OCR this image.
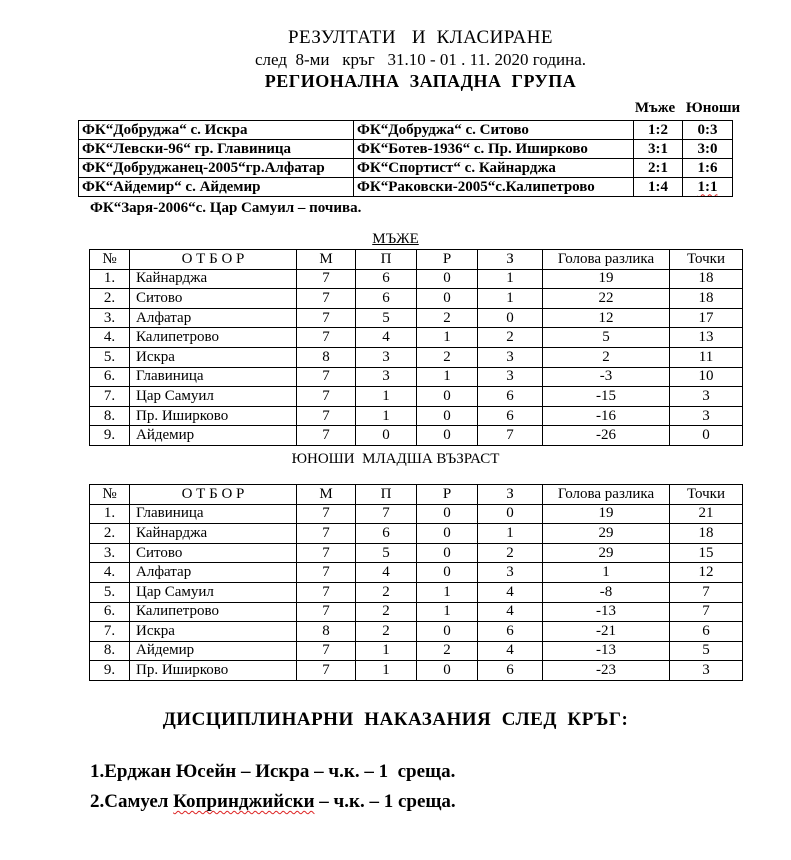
РЕЗУЛТАТИ   И  КЛАСИРАНЕ
след  8-ми   кръг   31.10 - 01 . 11. 2020 година.
РЕГИОНАЛНА  ЗАПАДНА  ГРУПА
Мъже Юноши
ФК“Добруджа“ с. Искра	ФК“Добруджа“ с. Ситово	1:2	0:3
ФК“Левски-96“ гр. Главиница	ФК“Ботев-1936“ с. Пр. Иширково	3:1	3:0
ФК“Добруджанец-2005“гр.Алфатар	ФК“Спортист“ с. Кайнарджа	2:1	1:6
ФК“Айдемир“ с. Айдемир	ФК“Раковски-2005“с.Калипетрово	1:4	1:1
ФК“Заря-2006“с. Цар Самуил – почива.
МЪЖЕ
№	О Т Б О Р	М	П	Р	З	Голова разлика	Точки
1.	Кайнарджа	7	6	0	1	19	18
2.	Ситово	7	6	0	1	22	18
3.	Алфатар	7	5	2	0	12	17
4.	Калипетрово	7	4	1	2	5	13
5.	Искра	8	3	2	3	2	11
6.	Главиница	7	3	1	3	-3	10
7.	Цар Самуил	7	1	0	6	-15	3
8.	Пр. Иширково	7	1	0	6	-16	3
9.	Айдемир	7	0	0	7	-26	0
ЮНОШИ  МЛАДША ВЪЗРАСТ
№	О Т Б О Р	М	П	Р	З	Голова разлика	Точки
1.	Главиница	7	7	0	0	19	21
2.	Кайнарджа	7	6	0	1	29	18
3.	Ситово	7	5	0	2	29	15
4.	Алфатар	7	4	0	3	1	12
5.	Цар Самуил	7	2	1	4	-8	7
6.	Калипетрово	7	2	1	4	-13	7
7.	Искра	8	2	0	6	-21	6
8.	Айдемир	7	1	2	4	-13	5
9.	Пр. Иширково	7	1	0	6	-23	3
ДИСЦИПЛИНАРНИ  НАКАЗАНИЯ  СЛЕД  КРЪГ:
1.Ерджан Юсейн – Искра – ч.к. – 1  среща.
2.Самуел Копринджийски – ч.к. – 1 среща.
